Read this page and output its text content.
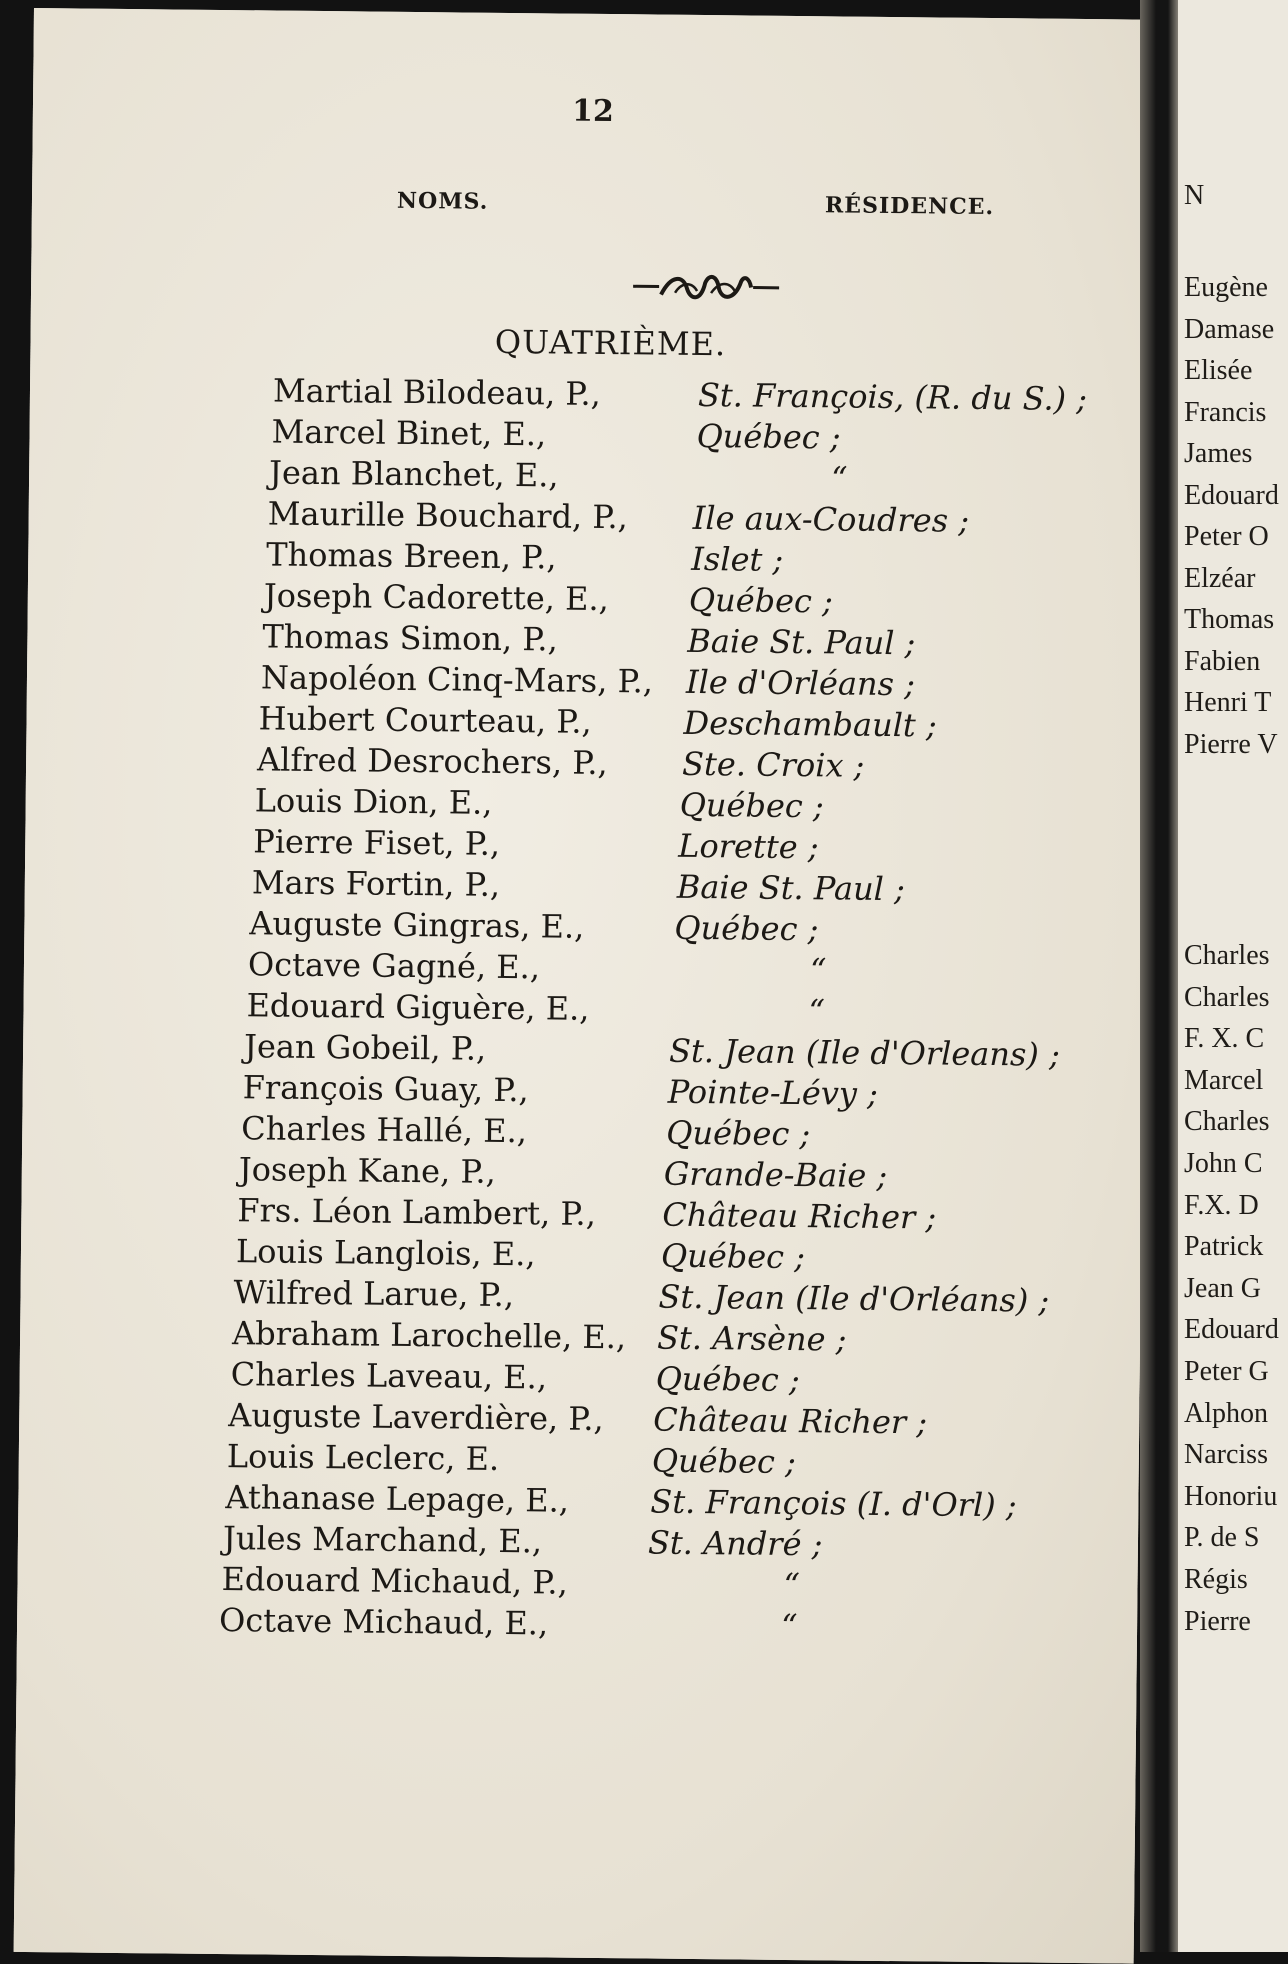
12
NOMS.	RÉSIDENCE.
QUATRIÈME.
Martial Bilodeau, P.,	St. François, (R. du S.) ;
Marcel Binet, E.,	Québec ;
Jean Blanchet, E.,	“
Maurille Bouchard, P., Ile aux-Coudres ;
Thomas Breen, P.,	Islet ;
Joseph Cadorette, E., Québec ;
Thomas Simon, P.,	Baie St. Paul ;
Napoléon Cinq-Mars, P., Ile d'Orléans ;
Hubert Courteau, P.,	Deschambault ;
Alfred Desrochers, P., Ste. Croix ;
Louis Dion, E.,	Québec ;
Pierre Fiset, P.,	Lorette ;
Mars Fortin, P.,	Baie St. Paul ;
Auguste Gingras, E.,	Québec ;
Octave Gagné, E.,	“
Edouard Giguère, E.,	“
Jean Gobeil, P.,	St. Jean (Ile d'Orleans) ;
François Guay, P.,	Pointe-Lévy ;
Charles Hallé, E.,	Québec ;
Joseph Kane, P.,	Grande-Baie ;
Frs. Léon Lambert, P., Château Richer ;
Louis Langlois, E.,	Québec ;
Wilfred Larue, P.,	St. Jean (Ile d'Orléans) ;
Abraham Larochelle, E., St. Arsène ;
Charles Laveau, E.,	Québec ;
Auguste Laverdière, P., Château Richer ;
Louis Leclerc, E.	Québec ;
Athanase Lepage, E.,	St. François (I. d'Orl) ;
Jules Marchand, E.,	St. André ;
Edouard Michaud, P.,	“
Octave Michaud, E.,	“
N
Eugène
Damase
Elisée
Francis
James
Edouard
Peter O
Elzéar
Thomas
Fabien
Henri T
Pierre V
Charles
Charles
F. X. C
Marcel
Charles
John C
F.X. D
Patrick
Jean G
Edouard
Peter G
Alphon
Narciss
Honoriu
P. de S
Régis
Pierre
